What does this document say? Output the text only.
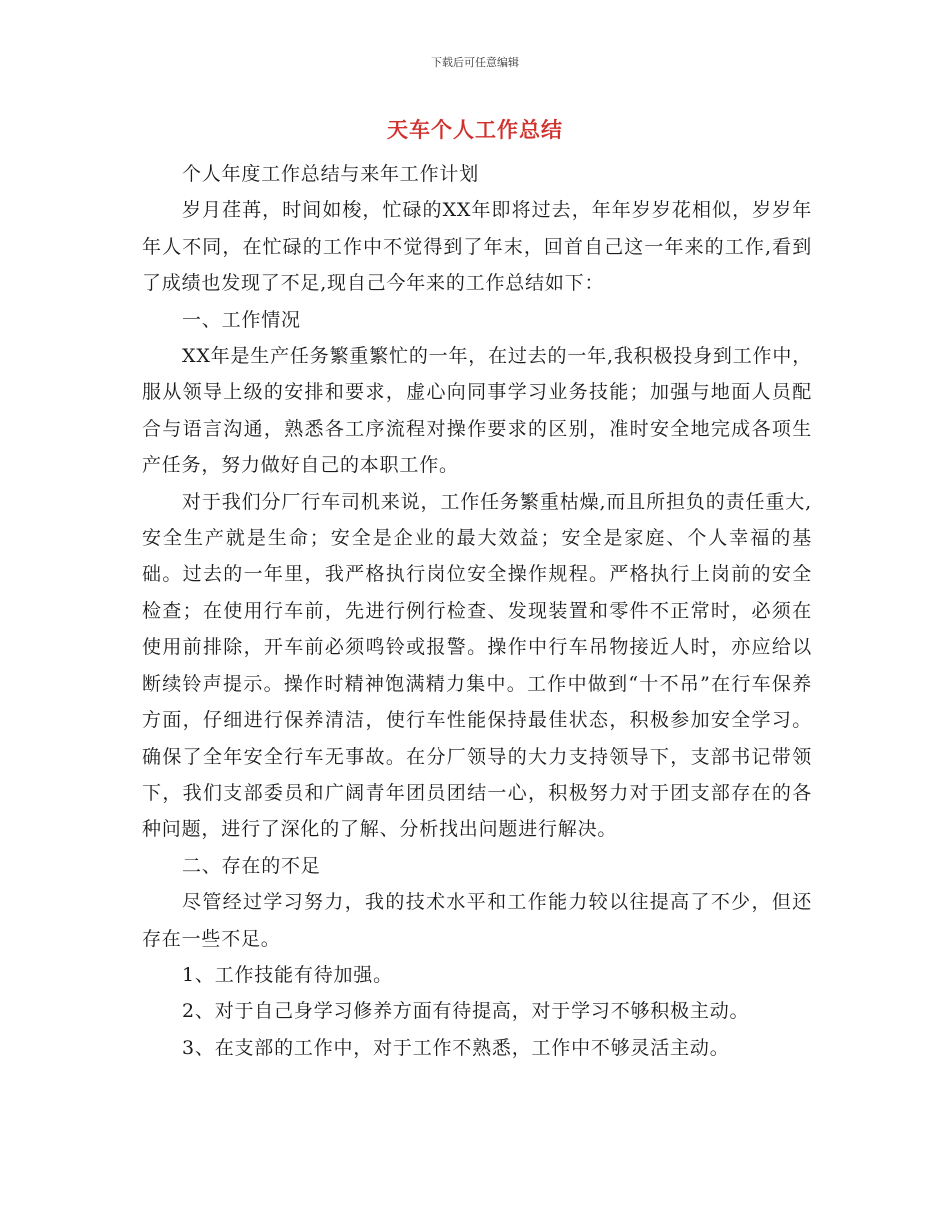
下载后可任意编辑
天车个人工作总结

个人年度工作总结与来年工作计划

岁月荏苒，时间如梭，忙碌的XX年即将过去，年年岁岁花相似，岁岁年年人不同，在忙碌的工作中不觉得到了年末，回首自己这一年来的工作,看到了成绩也发现了不足,现自己今年来的工作总结如下：

一、工作情况

XX年是生产任务繁重繁忙的一年，在过去的一年,我积极投身到工作中，服从领导上级的安排和要求，虚心向同事学习业务技能；加强与地面人员配合与语言沟通，熟悉各工序流程对操作要求的区别，准时安全地完成各项生产任务，努力做好自己的本职工作。

对于我们分厂行车司机来说，工作任务繁重枯燥,而且所担负的责任重大,安全生产就是生命；安全是企业的最大效益；安全是家庭、个人幸福的基础。过去的一年里，我严格执行岗位安全操作规程。严格执行上岗前的安全检查；在使用行车前，先进行例行检查、发现装置和零件不正常时，必须在使用前排除，开车前必须鸣铃或报警。操作中行车吊物接近人时，亦应给以断续铃声提示。操作时精神饱满精力集中。工作中做到“十不吊”在行车保养方面，仔细进行保养清洁，使行车性能保持最佳状态，积极参加安全学习。确保了全年安全行车无事故。在分厂领导的大力支持领导下，支部书记带领下，我们支部委员和广阔青年团员团结一心，积极努力对于团支部存在的各种问题，进行了深化的了解、分析找出问题进行解决。

二、存在的不足

尽管经过学习努力，我的技术水平和工作能力较以往提高了不少，但还存在一些不足。

1、工作技能有待加强。

2、对于自己身学习修养方面有待提高，对于学习不够积极主动。

3、在支部的工作中，对于工作不熟悉，工作中不够灵活主动。
